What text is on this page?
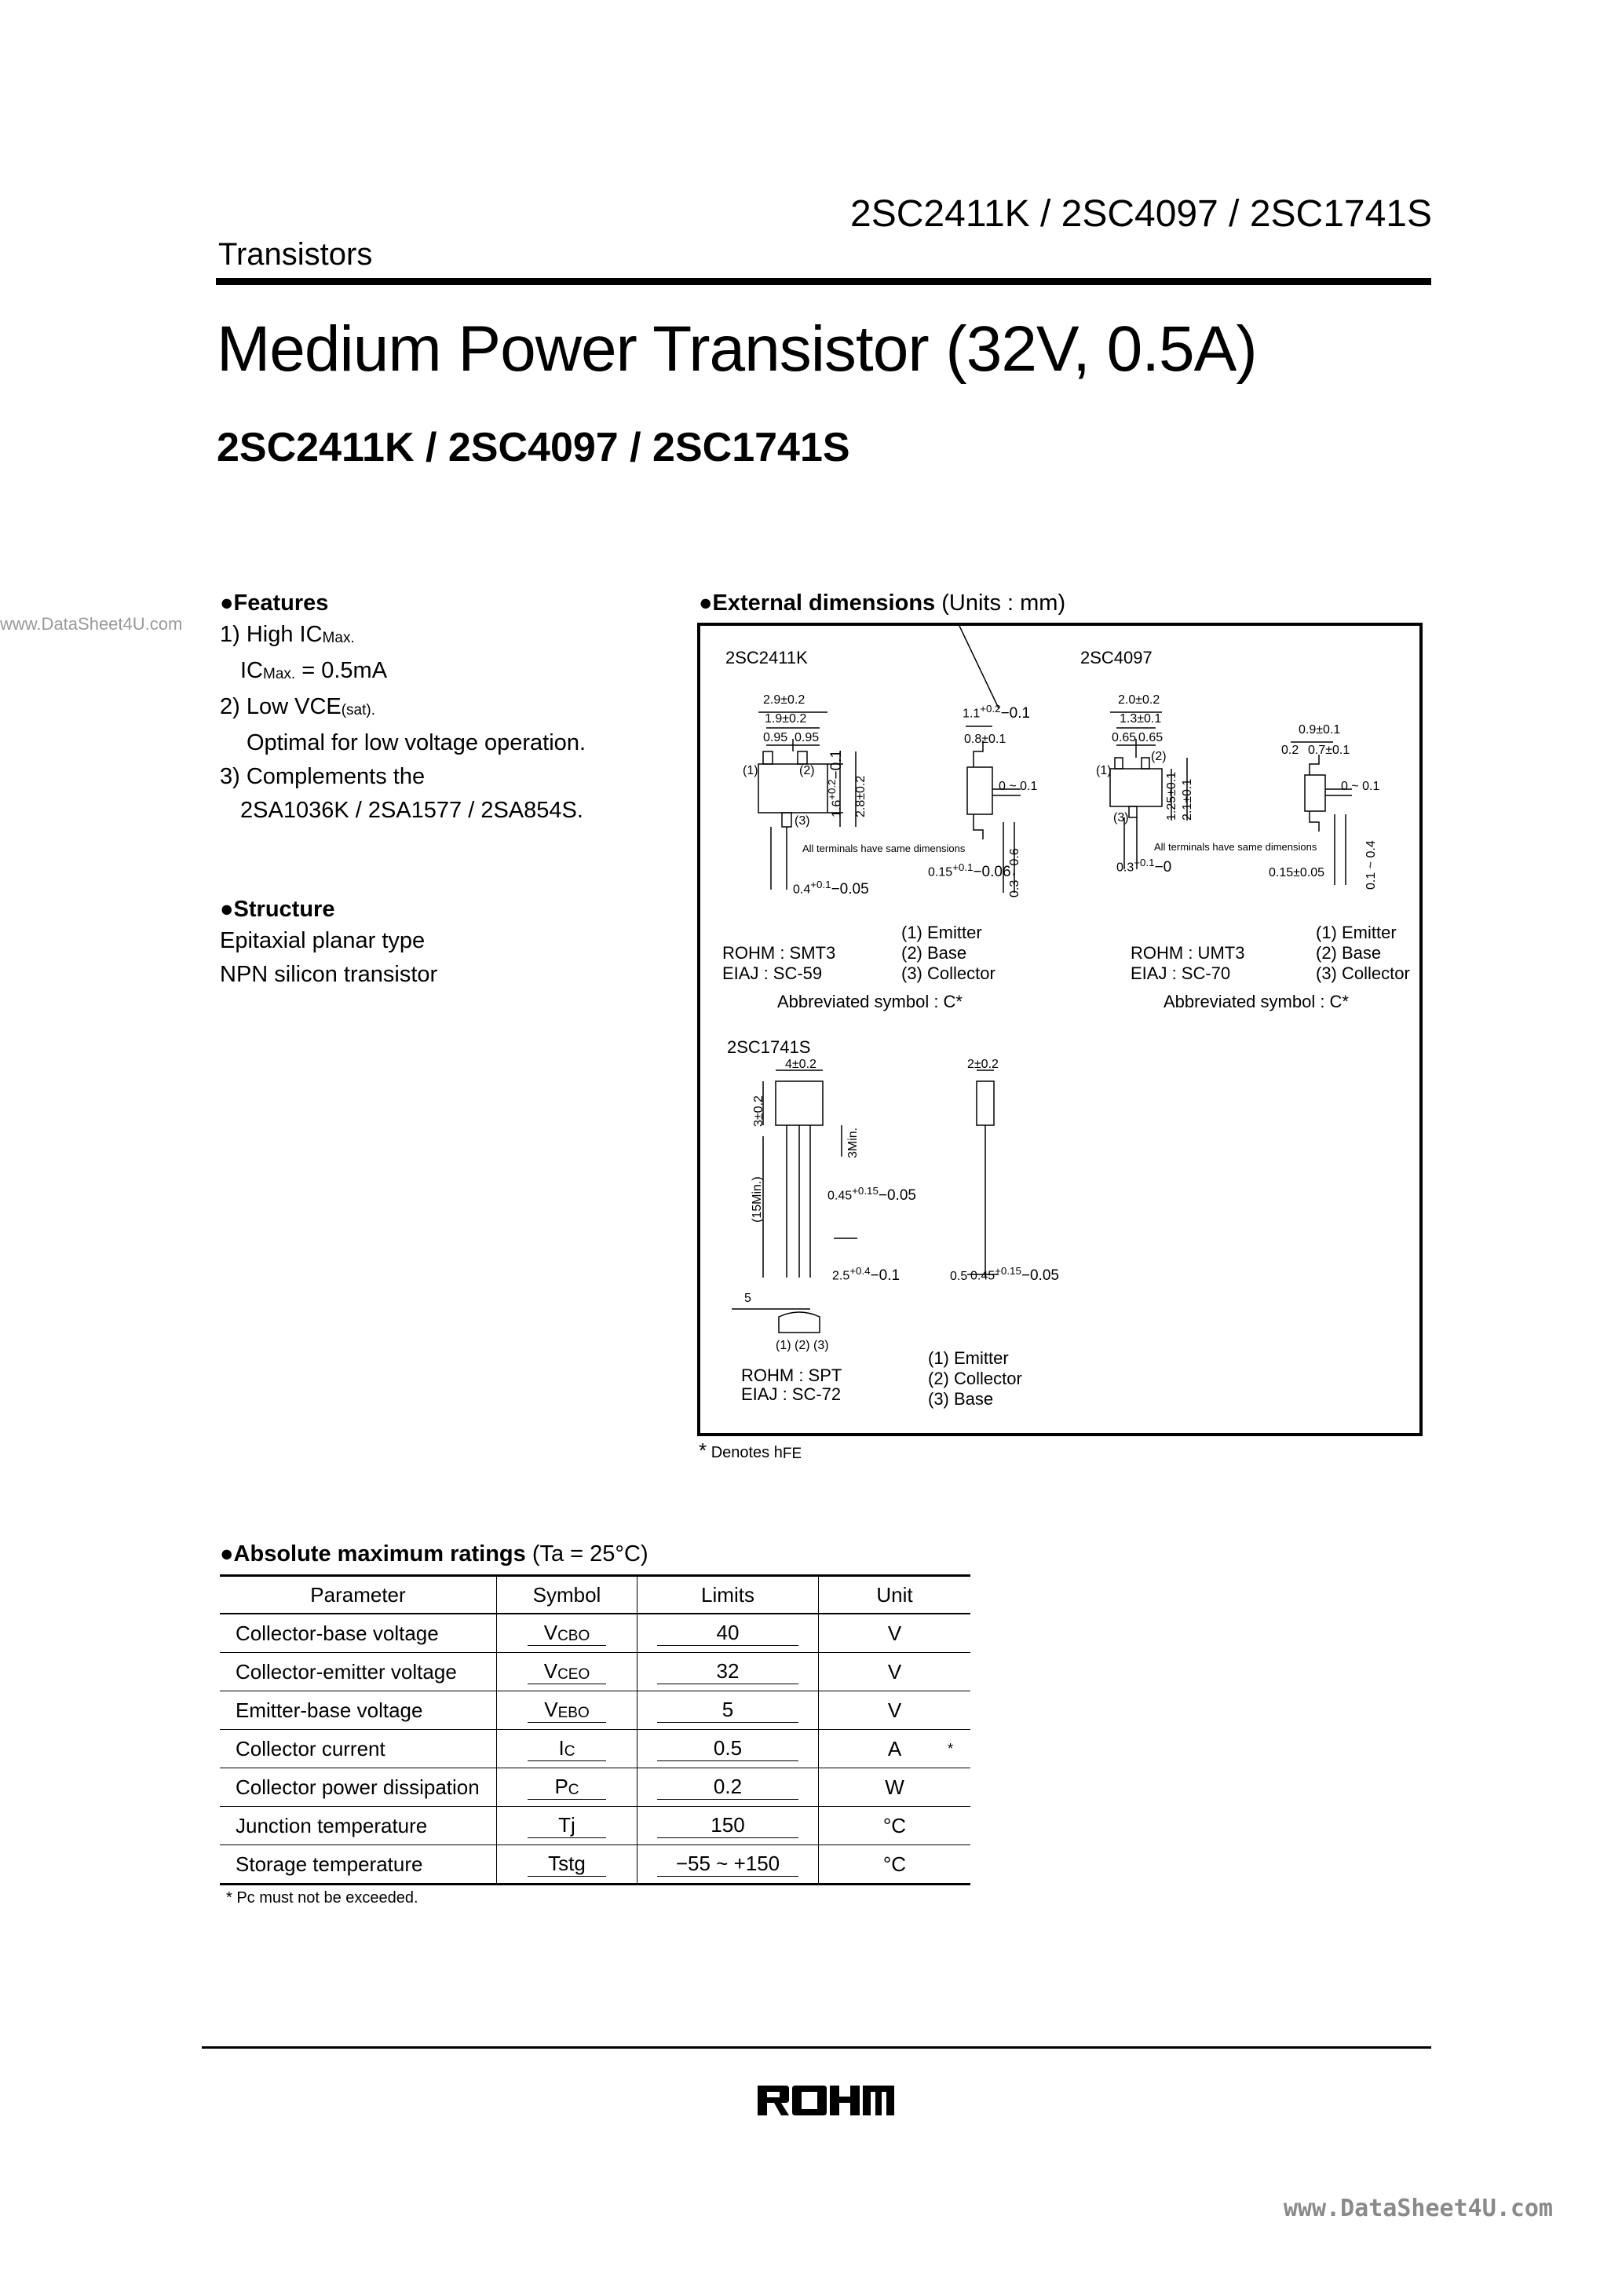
www.DataSheet4U.com
2SC2411K / 2SC4097 / 2SC1741S
Transistors
Medium Power Transistor (32V, 0.5A)
2SC2411K / 2SC4097 / 2SC1741S
●Features
1) High $IC_{Max.}$
$IC_{Max.} = 0.5mA$
2) Low $VCE_{(sat).}$
Optimal for low voltage operation.
3) Complements the
2SA1036K / 2SA1577 / 2SA854S.
●Structure
Epitaxial planar type
NPN silicon transistor
●External dimensions (Units : mm)
2SC2411K
2.9±0.2
1.9±0.2
0.95 0.95
(1)	(2)
(3)
$1.6^{+0.2}_{-0.1}$
2.8±0.2
$0.4^{+0.1}_{-0.05}$
$1.1^{+0.2}_{-0.1}$
0.8±0.1
0 ~ 0.1
$0.15^{+0.1}_{-0.06}$
0.3 ~ 0.6
All terminals have same dimensions
ROHM : SMT3
EIAJ : SC-59
(1) Emitter
(2) Base
(3) Collector
Abbreviated symbol : C*
2SC4097
2.0±0.2
1.3±0.1
0.65 0.65
(1)
(2)
(3)	1.25±0.1 2.1±0.1
$0.3^{+0.1}_{-0}$
0.9±0.1
0.2 0.7±0.1
0 ~ 0.1
0.15±0.05	0.1 ~ 0.4
All terminals have same dimensions
ROHM : UMT3
EIAJ : SC-70
(1) Emitter
(2) Base
(3) Collector
Abbreviated symbol : C*
2SC1741S
4±0.2
3±0.2
3Min.
(15Min.)	$0.45^{+0.15}_{-0.05}$
$2.5^{+0.4}_{-0.1}$
5
2±0.2
0.5 $0.45^{+0.15}_{-0.05}$
(1) (2) (3)
ROHM : SPT
EIAJ : SC-72
(1) Emitter
(2) Collector
(3) Base
* Denotes $h_{FE}$
●Absolute maximum ratings (Ta = 25°C)
Parameter	Symbol	Limits	Unit
Collector-base voltage	$V_{CBO}$	40	V

Collector-emitter voltage	$V_{CEO}$	32	V

Emitter-base voltage	$V_{EBO}$	5	V

Collector current	$I_C$	0.5	A *

Collector power dissipation	$P_C$	0.2	W

Junction temperature	Tj	150	°C

Storage temperature	Tstg	−55 ~ +150	°C
* Pc must not be exceeded.
www.DataSheet4U.com
